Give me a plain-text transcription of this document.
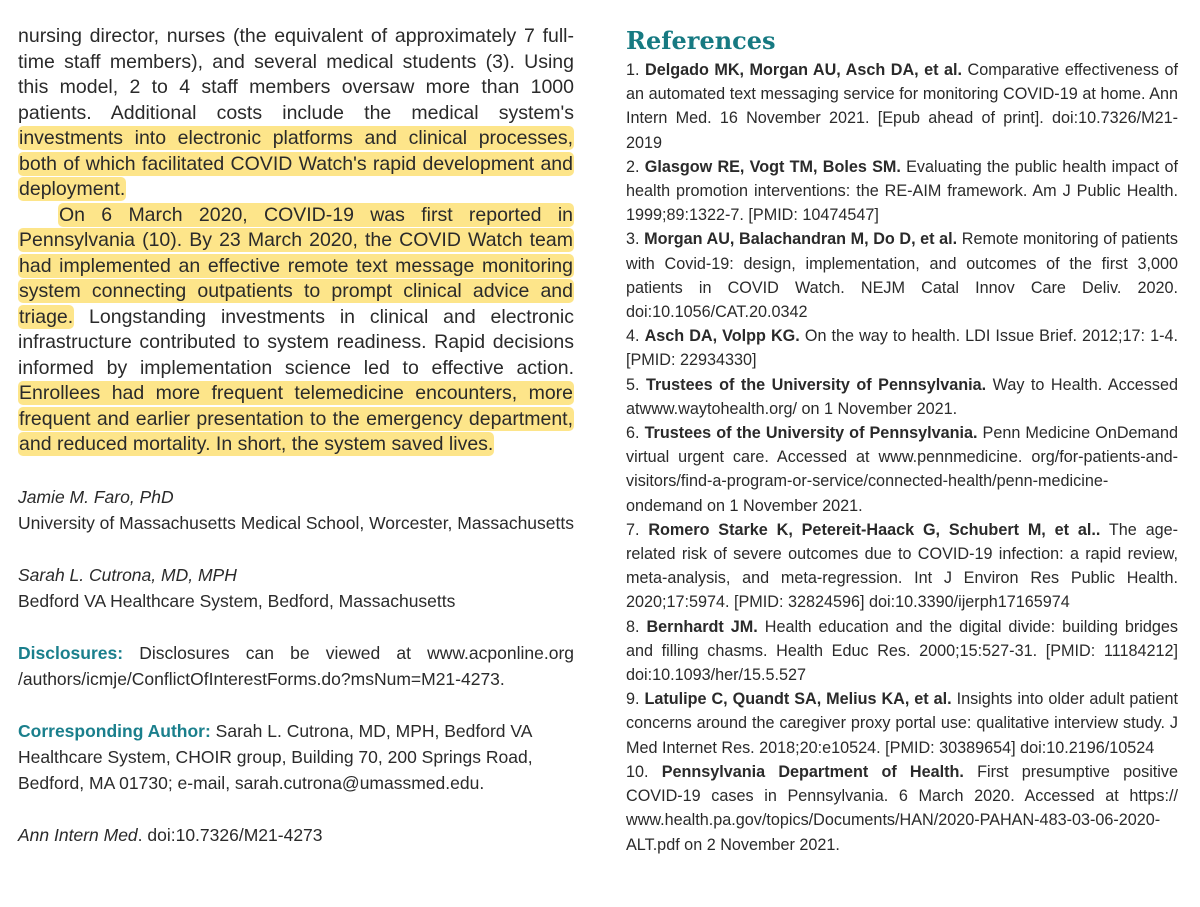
nursing director, nurses (the equivalent of approximately 7 full-time staff members), and several medical students (3). Using this model, 2 to 4 staff members oversaw more than 1000 patients. Additional costs include the medical system's investments into electronic platforms and clinical processes, both of which facilitated COVID Watch's rapid development and deployment.

On 6 March 2020, COVID-19 was first reported in Pennsylvania (10). By 23 March 2020, the COVID Watch team had implemented an effective remote text message monitoring system connecting outpatients to prompt clinical advice and triage. Longstanding investments in clinical and electronic infrastructure contributed to system readiness. Rapid decisions informed by implementation science led to effective action. Enrollees had more frequent telemedicine encounters, more frequent and earlier presentation to the emergency department, and reduced mortality. In short, the system saved lives.

Jamie M. Faro, PhD
University of Massachusetts Medical School, Worcester, Massachusetts
Sarah L. Cutrona, MD, MPH
Bedford VA Healthcare System, Bedford, Massachusetts
Disclosures: Disclosures can be viewed at www.acponline.org /authors/icmje/ConflictOfInterestForms.do?msNum=M21-4273.
Corresponding Author: Sarah L. Cutrona, MD, MPH, Bedford VA Healthcare System, CHOIR group, Building 70, 200 Springs Road, Bedford, MA 01730; e-mail, sarah.cutrona@umassmed.edu.
Ann Intern Med. doi:10.7326/M21-4273
References
1. Delgado MK, Morgan AU, Asch DA, et al. Comparative effectiveness of an automated text messaging service for monitoring COVID-19 at home. Ann Intern Med. 16 November 2021. [Epub ahead of print]. doi:10.7326/M21-2019
2. Glasgow RE, Vogt TM, Boles SM. Evaluating the public health impact of health promotion interventions: the RE-AIM framework. Am J Public Health. 1999;89:1322-7. [PMID: 10474547]
3. Morgan AU, Balachandran M, Do D, et al. Remote monitoring of patients with Covid-19: design, implementation, and outcomes of the first 3,000 patients in COVID Watch. NEJM Catal Innov Care Deliv. 2020. doi:10.1056/CAT.20.0342
4. Asch DA, Volpp KG. On the way to health. LDI Issue Brief. 2012;17: 1-4. [PMID: 22934330]
5. Trustees of the University of Pennsylvania. Way to Health. Accessed atwww.waytohealth.org/ on 1 November 2021.
6. Trustees of the University of Pennsylvania. Penn Medicine OnDemand virtual urgent care. Accessed at www.pennmedicine. org/for-patients-and-visitors/find-a-program-or-service/connected-health/penn-medicine-ondemand on 1 November 2021.
7. Romero Starke K, Petereit-Haack G, Schubert M, et al.. The age-related risk of severe outcomes due to COVID-19 infection: a rapid review, meta-analysis, and meta-regression. Int J Environ Res Public Health. 2020;17:5974. [PMID: 32824596] doi:10.3390/ijerph17165974
8. Bernhardt JM. Health education and the digital divide: building bridges and filling chasms. Health Educ Res. 2000;15:527-31. [PMID: 11184212] doi:10.1093/her/15.5.527
9. Latulipe C, Quandt SA, Melius KA, et al. Insights into older adult patient concerns around the caregiver proxy portal use: qualitative interview study. J Med Internet Res. 2018;20:e10524. [PMID: 30389654] doi:10.2196/10524
10. Pennsylvania Department of Health. First presumptive positive COVID-19 cases in Pennsylvania. 6 March 2020. Accessed at https:// www.health.pa.gov/topics/Documents/HAN/2020-PAHAN-483-03-06-2020-ALT.pdf on 2 November 2021.
